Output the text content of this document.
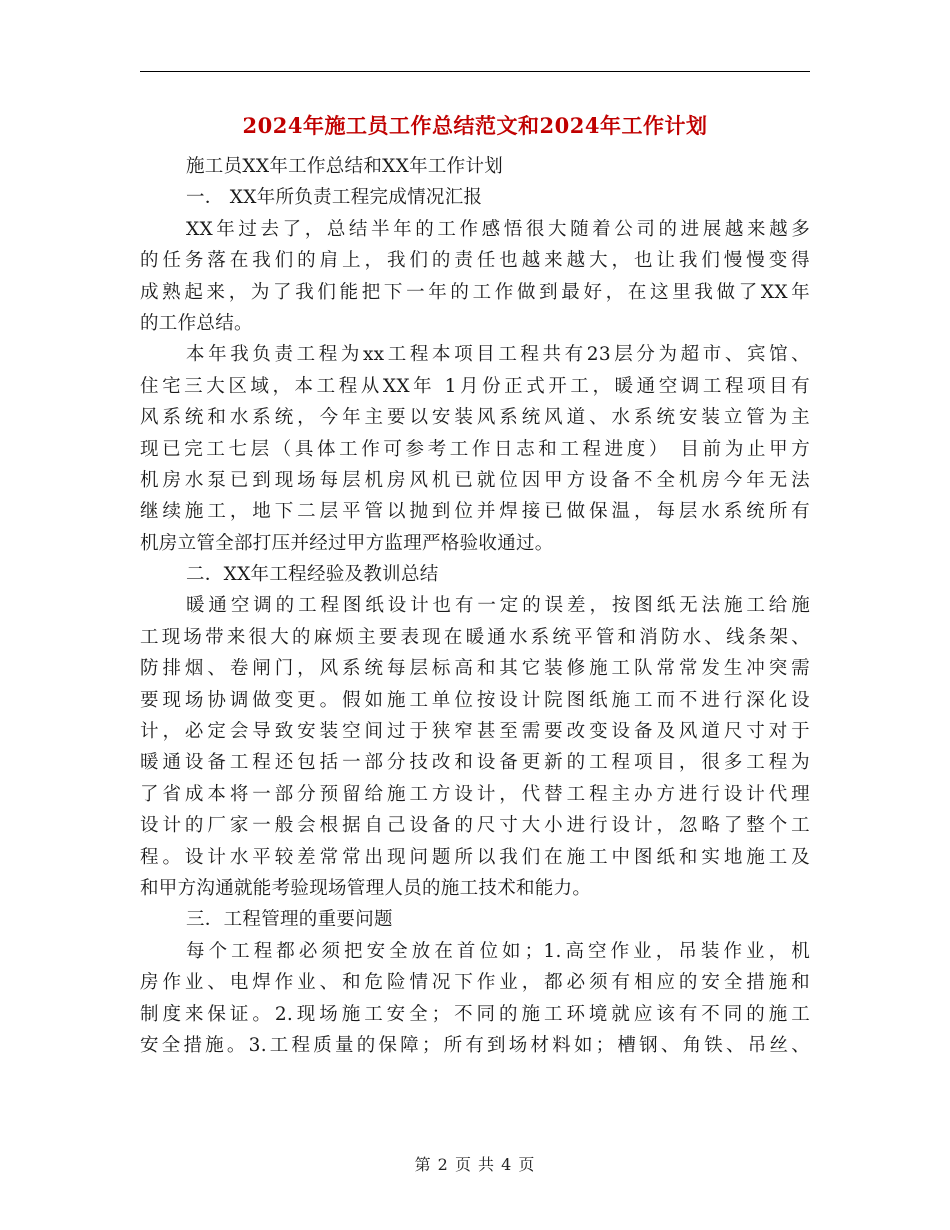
2024年施工员工作总结范文和2024年工作计划
施工员XX年工作总结和XX年工作计划
一． XX年所负责工程完成情况汇报
XX年过去了，总结半年的工作感悟很大随着公司的进展越来越多
的任务落在我们的肩上，我们的责任也越来越大，也让我们慢慢变得
成熟起来，为了我们能把下一年的工作做到最好，在这里我做了XX年
的工作总结。
本年我负责工程为xx工程本项目工程共有23层分为超市、宾馆、
住宅三大区域，本工程从XX年 1月份正式开工，暖通空调工程项目有
风系统和水系统，今年主要以安装风系统风道、水系统安装立管为主
现已完工七层（具体工作可参考工作日志和工程进度） 目前为止甲方
机房水泵已到现场每层机房风机已就位因甲方设备不全机房今年无法
继续施工，地下二层平管以抛到位并焊接已做保温，每层水系统所有
机房立管全部打压并经过甲方监理严格验收通过。
二．XX年工程经验及教训总结
暖通空调的工程图纸设计也有一定的误差，按图纸无法施工给施
工现场带来很大的麻烦主要表现在暖通水系统平管和消防水、线条架、
防排烟、卷闸门，风系统每层标高和其它装修施工队常常发生冲突需
要现场协调做变更。假如施工单位按设计院图纸施工而不进行深化设
计，必定会导致安装空间过于狭窄甚至需要改变设备及风道尺寸对于
暖通设备工程还包括一部分技改和设备更新的工程项目，很多工程为
了省成本将一部分预留给施工方设计，代替工程主办方进行设计代理
设计的厂家一般会根据自己设备的尺寸大小进行设计，忽略了整个工
程。设计水平较差常常出现问题所以我们在施工中图纸和实地施工及
和甲方沟通就能考验现场管理人员的施工技术和能力。
三．工程管理的重要问题
每个工程都必须把安全放在首位如；1.高空作业，吊装作业，机
房作业、电焊作业、和危险情况下作业，都必须有相应的安全措施和
制度来保证。2.现场施工安全；不同的施工环境就应该有不同的施工
安全措施。3.工程质量的保障；所有到场材料如；槽钢、角铁、吊丝、
第 2 页 共 4 页
